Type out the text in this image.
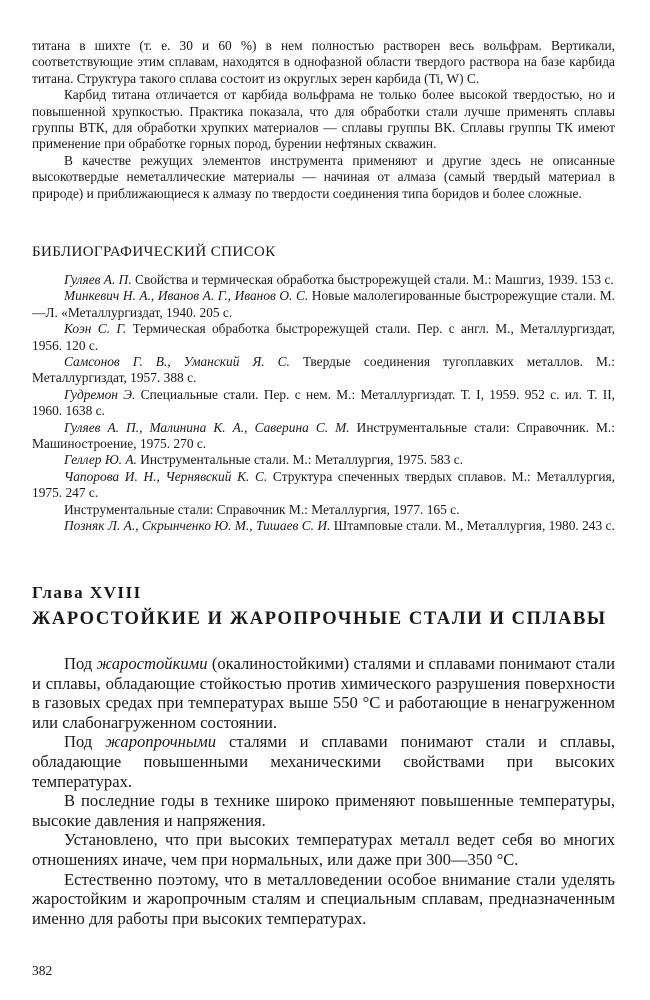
титана в шихте (т. е. 30 и 60 %) в нем полностью растворен весь вольфрам. Вертикали, соответствующие этим сплавам, находятся в однофазной области твердого раствора на базе карбида титана. Структура такого сплава состоит из округлых зерен карбида (Ti, W) C.

Карбид титана отличается от карбида вольфрама не только более высокой твердостью, но и повышенной хрупкостью. Практика показала, что для обработки стали лучше применять сплавы группы ВТК, для обработки хрупких материалов — сплавы группы ВК. Сплавы группы ТК имеют применение при обработке горных пород, бурении нефтяных скважин.

В качестве режущих элементов инструмента применяют и другие здесь не описанные высокотвердые неметаллические материалы — начиная от алмаза (самый твердый материал в природе) и приближающиеся к алмазу по твердости соединения типа боридов и более сложные.

БИБЛИОГРАФИЧЕСКИЙ СПИСОК

Гуляев А. П. Свойства и термическая обработка быстрорежущей стали. М.: Машгиз, 1939. 153 с.

Минкевич Н. А., Иванов А. Г., Иванов О. С. Новые малолегированные быстрорежущие стали. М.—Л. «Металлургиздат, 1940. 205 с.

Коэн С. Г. Термическая обработка быстрорежущей стали. Пер. с англ. М., Металлургиздат, 1956. 120 с.

Самсонов Г. В., Уманский Я. С. Твердые соединения тугоплавких металлов. М.: Металлургиздат, 1957. 388 с.

Гудремон Э. Специальные стали. Пер. с нем. М.: Металлургиздат. Т. I, 1959. 952 с. ил. Т. II, 1960. 1638 с.

Гуляев А. П., Малинина К. А., Саверина С. М. Инструментальные стали: Справочник. М.: Машиностроение, 1975. 270 с.

Геллер Ю. А. Инструментальные стали. М.: Металлургия, 1975. 583 с.

Чапорова И. Н., Чернявский К. С. Структура спеченных твердых сплавов. М.: Металлургия, 1975. 247 с.

Инструментальные стали: Справочник М.: Металлургия, 1977. 165 с.

Позняк Л. А., Скрынченко Ю. М., Тишаев С. И. Штамповые стали. М., Металлургия, 1980. 243 с.

Глава XVIII
ЖАРОСТОЙКИЕ И ЖАРОПРОЧНЫЕ СТАЛИ И СПЛАВЫ

Под жаростойкими (окалиностойкими) сталями и сплавами понимают стали и сплавы, обладающие стойкостью против химического разрушения поверхности в газовых средах при температурах выше 550 °С и работающие в ненагруженном или слабонагруженном состоянии.

Под жаропрочными сталями и сплавами понимают стали и сплавы, обладающие повышенными механическими свойствами при высоких температурах.

В последние годы в технике широко применяют повышенные температуры, высокие давления и напряжения.

Установлено, что при высоких температурах металл ведет себя во многих отношениях иначе, чем при нормальных, или даже при 300—350 °С.

Естественно поэтому, что в металловедении особое внимание стали уделять жаростойким и жаропрочным сталям и специальным сплавам, предназначенным именно для работы при высоких температурах.

382
